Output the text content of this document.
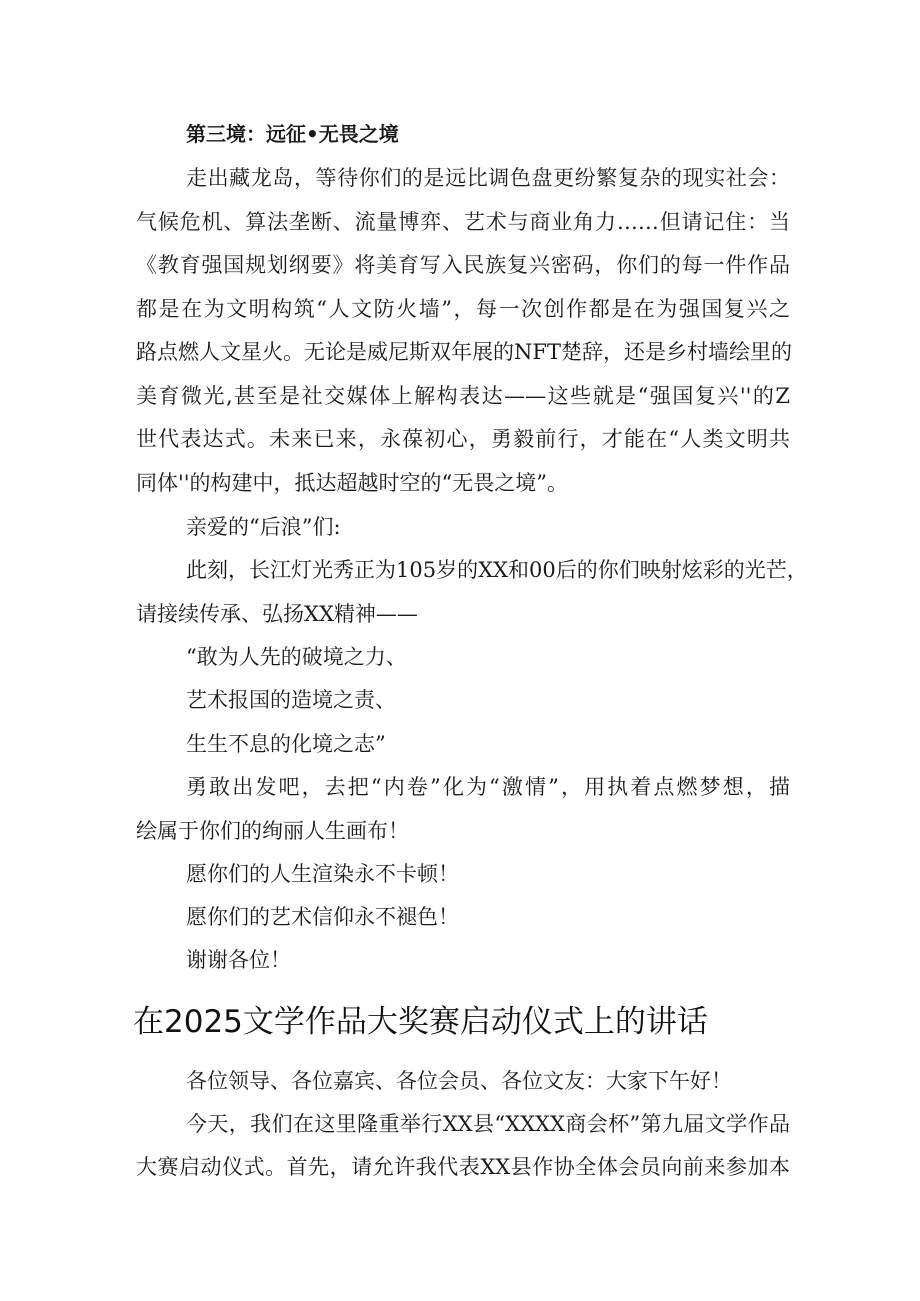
第三境：远征•无畏之境
走出藏龙岛，等待你们的是远比调色盘更纷繁复杂的现实社会：
气候危机、算法垄断、流量博弈、艺术与商业角力……但请记住：当
《教育强国规划纲要》将美育写入民族复兴密码，你们的每一件作品
都是在为文明构筑“人文防火墙”，每一次创作都是在为强国复兴之
路点燃人文星火。无论是威尼斯双年展的NFT楚辞，还是乡村墙绘里的
美育微光,甚至是社交媒体上解构表达——这些就是“强国复兴''的Z
世代表达式。未来已来，永葆初心，勇毅前行，才能在“人类文明共
同体''的构建中，抵达超越时空的“无畏之境”。
亲爱的“后浪”们:
此刻，长江灯光秀正为105岁的XX和00后的你们映射炫彩的光芒，
请接续传承、弘扬XX精神——
“敢为人先的破境之力、
艺术报国的造境之责、
生生不息的化境之志”
勇敢出发吧，去把“内卷”化为“激情”，用执着点燃梦想，描
绘属于你们的绚丽人生画布！
愿你们的人生渲染永不卡顿！
愿你们的艺术信仰永不褪色！
谢谢各位！
在2025文学作品大奖赛启动仪式上的讲话
各位领导、各位嘉宾、各位会员、各位文友：大家下午好！
今天，我们在这里隆重举行XX县“XXXX商会杯”第九届文学作品
大赛启动仪式。首先，请允许我代表XX县作协全体会员向前来参加本
